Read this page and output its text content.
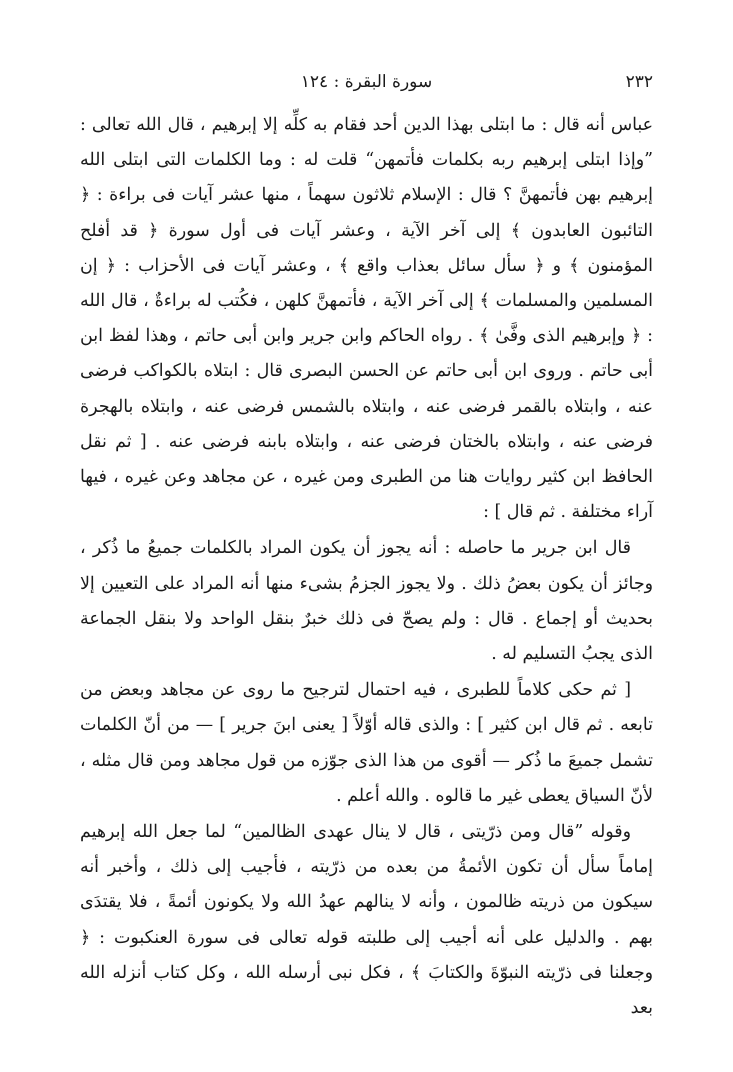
٢٣٢
سورة البقرة : ١٢٤

عباس أنه قال : ما ابتلى بهذا الدين أحد فقام به كلِّه إلا إبرهيم ، قال الله تعالى : ”وإذا ابتلى إبرهيم ربه بكلمات فأتمهن“ قلت له : وما الكلمات التى ابتلى الله إبرهيم بهن فأتمهنَّ ؟ قال : الإسلام ثلاثون سهماً ، منها عشر آيات فى براءة : ﴿ التائبون العابدون ﴾ إلى آخر الآية ، وعشر آيات فى أول سورة ﴿ قد أفلح المؤمنون ﴾ و ﴿ سأل سائل بعذاب واقع ﴾ ، وعشر آيات فى الأحزاب : ﴿ إن المسلمين والمسلمات ﴾ إلى آخر الآية ، فأتمهنَّ كلهن ، فكُتب له براءةٌ ، قال الله : ﴿ وإبرهيم الذى وفَّىٰ ﴾ . رواه الحاكم وابن جرير وابن أبى حاتم ، وهذا لفظ ابن أبى حاتم . وروى ابن أبى حاتم عن الحسن البصرى قال : ابتلاه بالكواكب فرضى عنه ، وابتلاه بالقمر فرضى عنه ، وابتلاه بالشمس فرضى عنه ، وابتلاه بالهجرة فرضى عنه ، وابتلاه بالختان فرضى عنه ، وابتلاه بابنه فرضى عنه . [ ثم نقل الحافظ ابن كثير روايات هنا من الطبرى ومن غيره ، عن مجاهد وعن غيره ، فيها آراء مختلفة . ثم قال ] :

قال ابن جرير ما حاصله : أنه يجوز أن يكون المراد بالكلمات جميعُ ما ذُكر ، وجائز أن يكون بعضُ ذلك . ولا يجوز الجزمُ بشىء منها أنه المراد على التعيين إلا بحديث أو إجماع . قال : ولم يصحّ فى ذلك خبرٌ بنقل الواحد ولا بنقل الجماعة الذى يجبُ التسليم له .

[ ثم حكى كلاماً للطبرى ، فيه احتمال لترجيح ما روى عن مجاهد وبعض من تابعه . ثم قال ابن كثير ] : والذى قاله أوّلاً [ يعنى ابنَ جرير ] — من أنّ الكلمات تشمل جميعَ ما ذُكر — أقوى من هذا الذى جوّزه من قول مجاهد ومن قال مثله ، لأنّ السياق يعطى غير ما قالوه . والله أعلم .

وقوله ”قال ومن ذرّيتى ، قال لا ينال عهدى الظالمين“ لما جعل الله إبرهيم إماماً سأل أن تكون الأئمةُ من بعده من ذرّيته ، فأجيب إلى ذلك ، وأخبر أنه سيكون من ذريته ظالمون ، وأنه لا ينالهم عهدُ الله ولا يكونون أئمةً ، فلا يقتدَى بهم . والدليل على أنه أجيب إلى طلبته قوله تعالى فى سورة العنكبوت : ﴿ وجعلنا فى ذرّيته النبوّةَ والكتابَ ﴾ ، فكل نبى أرسله الله ، وكل كتاب أنزله الله بعد
